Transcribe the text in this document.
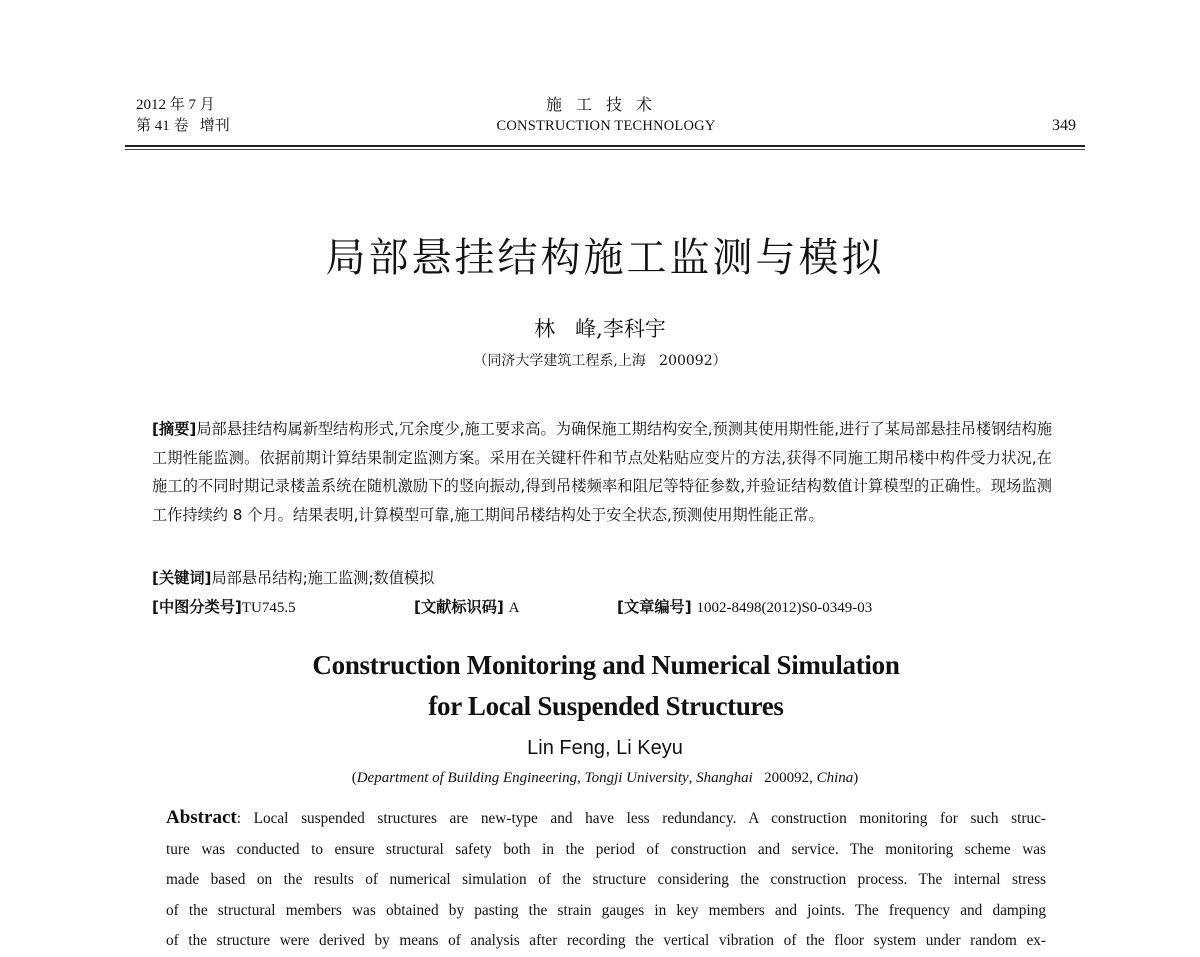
2012 年 7 月
第 41 卷   增刊
施工技术
CONSTRUCTION TECHNOLOGY	349
局部悬挂结构施工监测与模拟
林   峰,李科宇
（同济大学建筑工程系,上海   200092）
[摘要]局部悬挂结构属新型结构形式,冗余度少,施工要求高。为确保施工期结构安全,预测其使用期性能,进行了某局部悬挂吊楼钢结构施工期性能监测。依据前期计算结果制定监测方案。采用在关键杆件和节点处粘贴应变片的方法,获得不同施工期吊楼中构件受力状况,在施工的不同时期记录楼盖系统在随机激励下的竖向振动,得到吊楼频率和阻尼等特征参数,并验证结构数值计算模型的正确性。现场监测工作持续约 8 个月。结果表明,计算模型可靠,施工期间吊楼结构处于安全状态,预测使用期性能正常。
[关键词]局部悬吊结构;施工监测;数值模拟
[中图分类号]TU745.5	[文献标识码] A	[文章编号] 1002-8498(2012)S0-0349-03
Construction Monitoring and Numerical Simulation
for Local Suspended Structures
Lin Feng, Li Keyu
(Department of Building Engineering, Tongji University, Shanghai 200092, China)
Abstract: Local suspended structures are new-type and have less redundancy. A construction monitoring for such struc-
ture was conducted to ensure structural safety both in the period of construction and service. The monitoring scheme was
made based on the results of numerical simulation of the structure considering the construction process. The internal stress
of the structural members was obtained by pasting the strain gauges in key members and joints. The frequency and damping
of the structure were derived by means of analysis after recording the vertical vibration of the floor system under random ex-
